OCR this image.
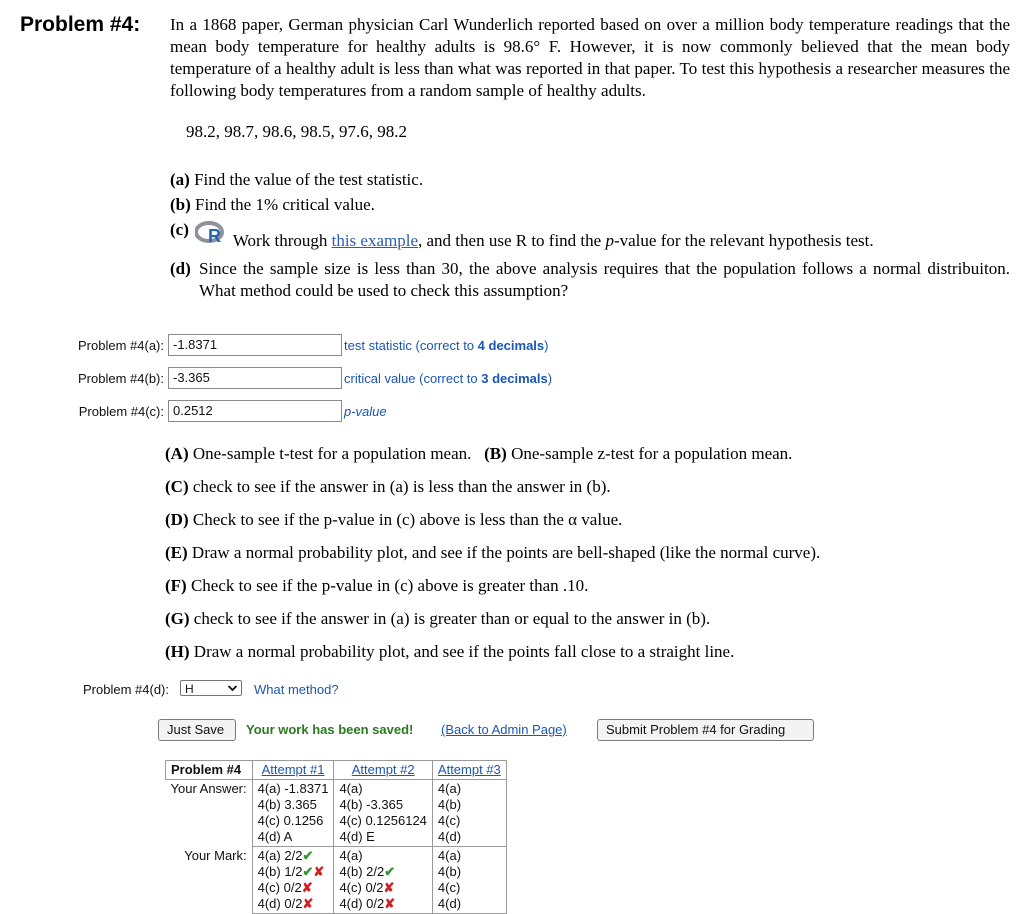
Problem #4: In a 1868 paper, German physician Carl Wunderlich reported based on over a million body temperature readings that the mean body temperature for healthy adults is 98.6° F. However, it is now commonly believed that the mean body temperature of a healthy adult is less than what was reported in that paper. To test this hypothesis a researcher measures the following body temperatures from a random sample of healthy adults.
98.2, 98.7, 98.6, 98.5, 97.6, 98.2
(a) Find the value of the test statistic.
(b) Find the 1% critical value.
(c) R Work through this example, and then use R to find the p-value for the relevant hypothesis test.
(d) Since the sample size is less than 30, the above analysis requires that the population follows a normal distribuiton. What method could be used to check this assumption?
Problem #4(a): -1.8371	test statistic (correct to 4 decimals)
Problem #4(b): -3.365	critical value (correct to 3 decimals)
Problem #4(c): 0.2512	p-value
(A) One-sample t-test for a population mean. (B) One-sample z-test for a population mean.
(C) check to see if the answer in (a) is less than the answer in (b).
(D) Check to see if the p-value in (c) above is less than the α value.
(E) Draw a normal probability plot, and see if the points are bell-shaped (like the normal curve).
(F) Check to see if the p-value in (c) above is greater than .10.
(G) check to see if the answer in (a) is greater than or equal to the answer in (b).
(H) Draw a normal probability plot, and see if the points fall close to a straight line.
Problem #4(d):	H	What method?
Just Save	Your work has been saved! (Back to Admin Page)	Submit Problem #4 for Grading
Problem #4	Attempt #1	Attempt #2	Attempt #3
Your Answer:	4(a) -1.8371
4(b) 3.365
4(c) 0.1256
4(d) A	4(a)
4(b) -3.365
4(c) 0.1256124
4(d) E	4(a)
4(b)
4(c)
4(d)

Your Mark:	4(a) 2/2✔
4(b) 1/2✔✘
4(c) 0/2✘
4(d) 0/2✘	4(a)
4(b) 2/2✔
4(c) 0/2✘
4(d) 0/2✘	4(a)
4(b)
4(c)
4(d)
